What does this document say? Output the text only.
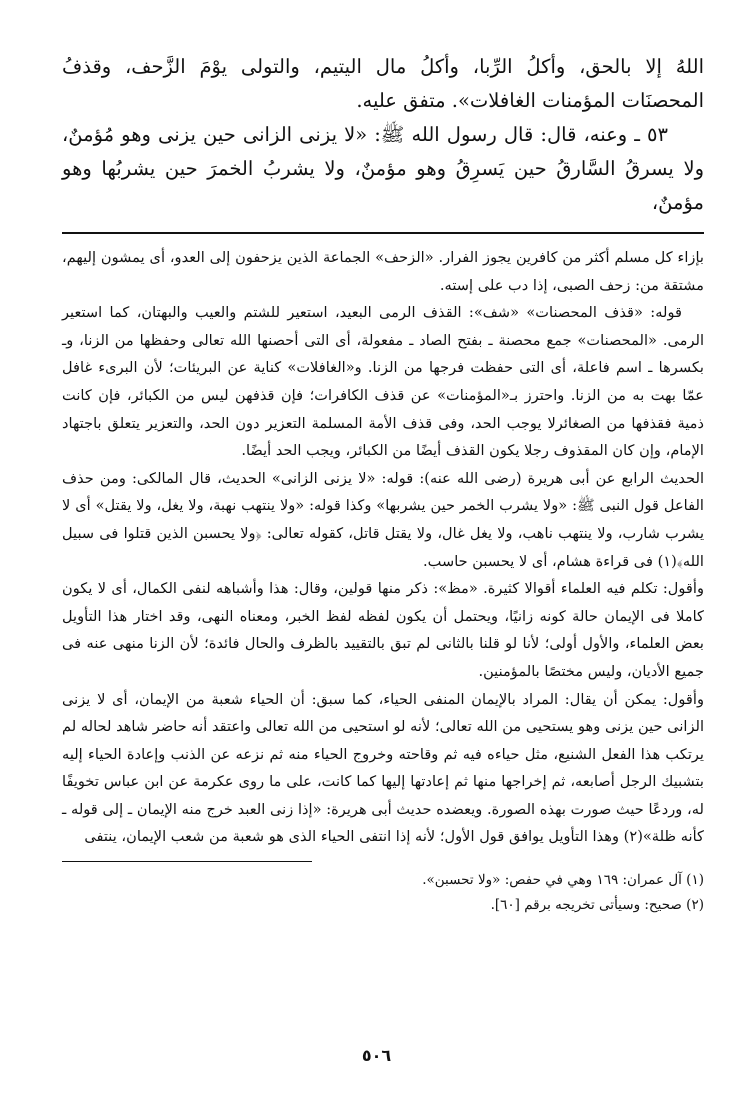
اللهُ إلا بالحق، وأكلُ الرِّبا، وأكلُ مال اليتيم، والتولى يوْمَ الزَّحف، وقذفُ المحصنَات المؤمنات الغافلات». متفق عليه.

٥٣ ـ وعنه، قال: قال رسول الله ﷺ: «لا يزنى الزانى حين يزنى وهو مُؤمنٌ، ولا يسرقُ السَّارقُ حين يَسرِقُ وهو مؤمنٌ، ولا يشربُ الخمرَ حين يشربُها وهو مؤمنٌ،

بإزاء كل مسلم أكثر من كافرين يجوز الفرار. «الزحف» الجماعة الذين يزحفون إلى العدو، أى يمشون إليهم، مشتقة من: زحف الصبى، إذا دب على إسته.

قوله: «قذف المحصنات» «شف»: القذف الرمى البعيد، استعير للشتم والعيب والبهتان، كما استعير الرمى. «المحصنات» جمع محصنة ـ بفتح الصاد ـ مفعولة، أى التى أحصنها الله تعالى وحفظها من الزنا، وـ بكسرها ـ اسم فاعلة، أى التى حفظت فرجها من الزنا. و«الغافلات» كناية عن البريئات؛ لأن البرىء غافل عمّا بهت به من الزنا. واحترز بـ«المؤمنات» عن قذف الكافرات؛ فإن قذفهن ليس من الكبائر، فإن كانت ذمية فقذفها من الصغائرلا يوجب الحد، وفى قذف الأمة المسلمة التعزير دون الحد، والتعزير يتعلق باجتهاد الإمام، وإن كان المقذوف رجلا يكون القذف أيضًا من الكبائر، ويجب الحد أيضًا.

الحديث الرابع عن أبى هريرة (رضى الله عنه): قوله: «لا يزنى الزانى» الحديث، قال المالكى: ومن حذف الفاعل قول النبى ﷺ: «ولا يشرب الخمر حين يشربها» وكذا قوله: «ولا ينتهب نهبة، ولا يغل، ولا يقتل» أى لا يشرب شارب، ولا ينتهب ناهب، ولا يغل غال، ولا يقتل قاتل، كقوله تعالى: ﴿ولا يحسبن الذين قتلوا فى سبيل الله﴾(١) فى قراءة هشام، أى لا يحسبن حاسب.

وأقول: تكلم فيه العلماء أقوالا كثيرة. «مظ»: ذكر منها قولين، وقال: هذا وأشباهه لنفى الكمال، أى لا يكون كاملا فى الإيمان حالة كونه زانيًا، ويحتمل أن يكون لفظه لفظ الخبر، ومعناه النهى، وقد اختار هذا التأويل بعض العلماء، والأول أولى؛ لأنا لو قلنا بالثانى لم تبق بالتقييد بالظرف والحال فائدة؛ لأن الزنا منهى عنه فى جميع الأديان، وليس مختصًا بالمؤمنين.

وأقول: يمكن أن يقال: المراد بالإيمان المنفى الحياء، كما سبق: أن الحياء شعبة من الإيمان، أى لا يزنى الزانى حين يزنى وهو يستحيى من الله تعالى؛ لأنه لو استحيى من الله تعالى واعتقد أنه حاضر شاهد لحاله لم يرتكب هذا الفعل الشنيع، مثل حياءه فيه ثم وقاحته وخروج الحياء منه ثم نزعه عن الذنب وإعادة الحياء إليه بتشبيك الرجل أصابعه، ثم إخراجها منها ثم إعادتها إليها كما كانت، على ما روى عكرمة عن ابن عباس تخويفًا له، وردعًا حيث صورت بهذه الصورة. ويعضده حديث أبى هريرة: «إذا زنى العبد خرج منه الإيمان ـ إلى قوله ـ كأنه ظلة»(٢) وهذا التأويل يوافق قول الأول؛ لأنه إذا انتفى الحياء الذى هو شعبة من شعب الإيمان، ينتفى

(١) آل عمران: ١٦٩ وهي في حفص: «ولا تحسبن».

(٢) صحيح: وسيأتى تخريجه برقم [٦٠].

٥٠٦
